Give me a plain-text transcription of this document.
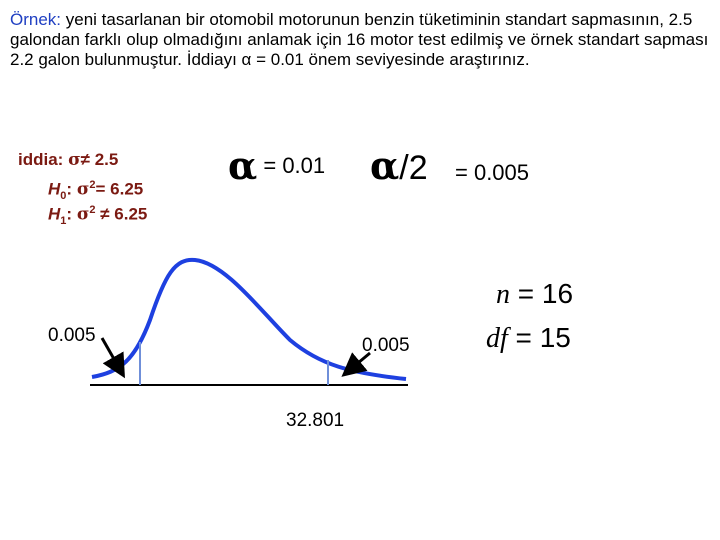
Örnek: yeni tasarlanan bir otomobil motorunun benzin tüketiminin standart sapmasının, 2.5 galondan farklı olup olmadığını anlamak için 16 motor test edilmiş ve örnek standart sapması 2.2 galon bulunmuştur. İddiayı α = 0.01 önem seviyesinde araştırınız.
iddia: σ≠ 2.5
$H_0$: $\sigma^2= 6.25$
$H_1$: $\sigma^2 \ne 6.25$
α = 0.01 α/2 = 0.005
0.005	0.005
32.801
n = 16
df = 15
